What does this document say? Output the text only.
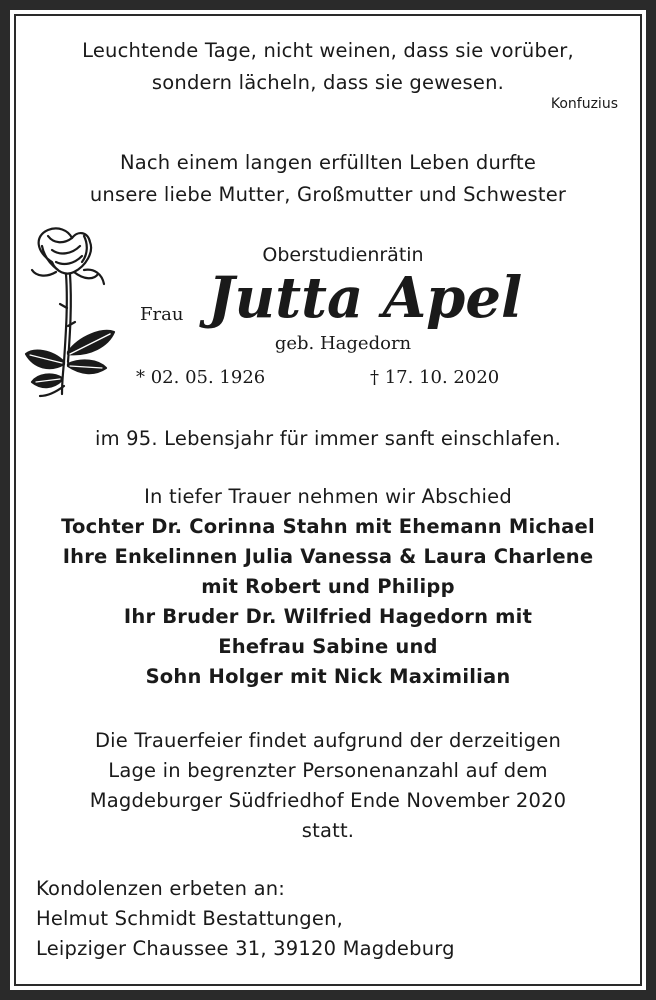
Leuchtende Tage, nicht weinen, dass sie vorüber,
sondern lächeln, dass sie gewesen.
Konfuzius
Nach einem langen erfüllten Leben durfte
unsere liebe Mutter, Großmutter und Schwester
Oberstudienrätin
Frau Jutta Apel
geb. Hagedorn
* 02. 05. 1926	† 17. 10. 2020
im 95. Lebensjahr für immer sanft einschlafen.
In tiefer Trauer nehmen wir Abschied
Tochter Dr. Corinna Stahn mit Ehemann Michael
Ihre Enkelinnen Julia Vanessa & Laura Charlene
mit Robert und Philipp
Ihr Bruder Dr. Wilfried Hagedorn mit
Ehefrau Sabine und
Sohn Holger mit Nick Maximilian
Die Trauerfeier findet aufgrund der derzeitigen
Lage in begrenzter Personenanzahl auf dem
Magdeburger Südfriedhof Ende November 2020
statt.
Kondolenzen erbeten an:
Helmut Schmidt Bestattungen,
Leipziger Chaussee 31, 39120 Magdeburg
